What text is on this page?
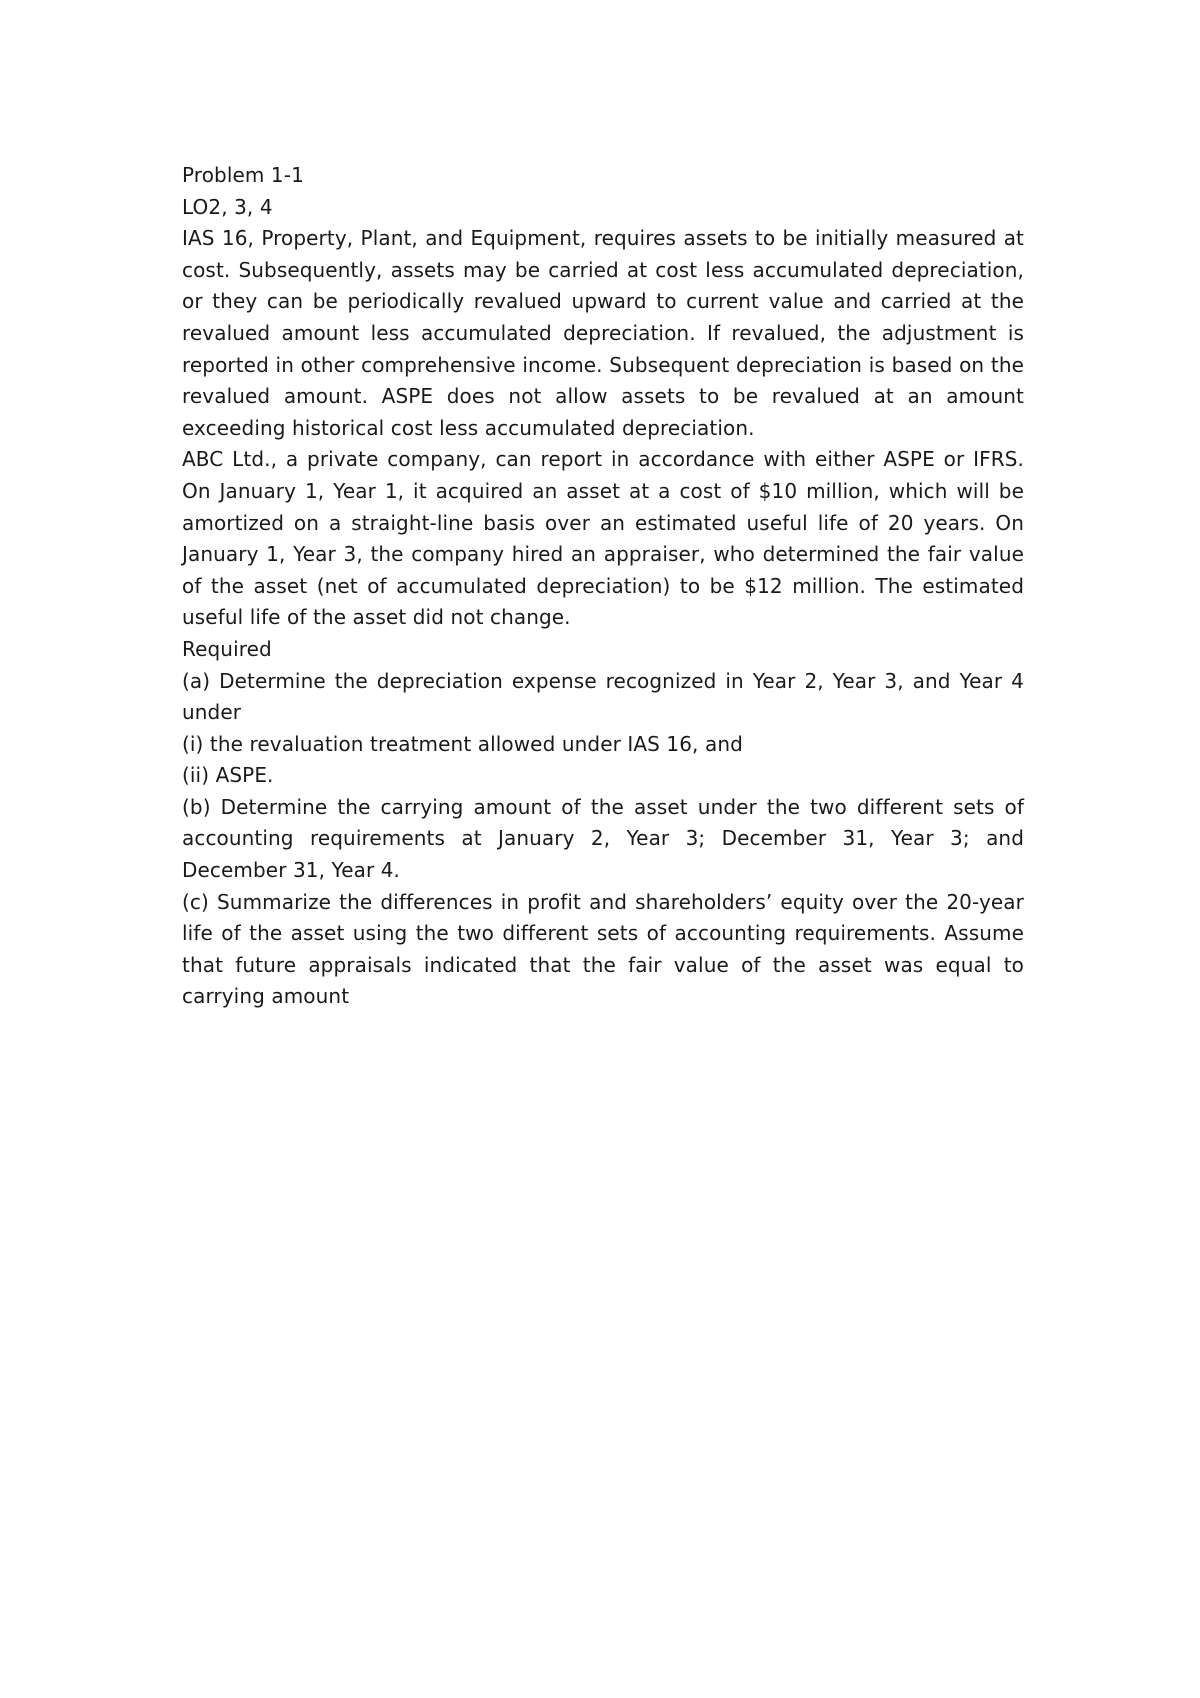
Problem 1-1

LO2, 3, 4

IAS 16, Property, Plant, and Equipment, requires assets to be initially measured at cost. Subsequently, assets may be carried at cost less accumulated depreciation, or they can be periodically revalued upward to current value and carried at the revalued amount less accumulated depreciation. If revalued, the adjustment is reported in other comprehensive income. Subsequent depreciation is based on the revalued amount. ASPE does not allow assets to be revalued at an amount exceeding historical cost less accumulated depreciation.

ABC Ltd., a private company, can report in accordance with either ASPE or IFRS. On January 1, Year 1, it acquired an asset at a cost of $10 million, which will be amortized on a straight-line basis over an estimated useful life of 20 years. On January 1, Year 3, the company hired an appraiser, who determined the fair value of the asset (net of accumulated depreciation) to be $12 million. The estimated useful life of the asset did not change.

Required

(a) Determine the depreciation expense recognized in Year 2, Year 3, and Year 4 under

(i) the revaluation treatment allowed under IAS 16, and

(ii) ASPE.

(b) Determine the carrying amount of the asset under the two different sets of accounting requirements at January 2, Year 3; December 31, Year 3; and December 31, Year 4.

(c) Summarize the differences in profit and shareholders’ equity over the 20-year life of the asset using the two different sets of accounting requirements. Assume that future appraisals indicated that the fair value of the asset was equal to carrying amount
